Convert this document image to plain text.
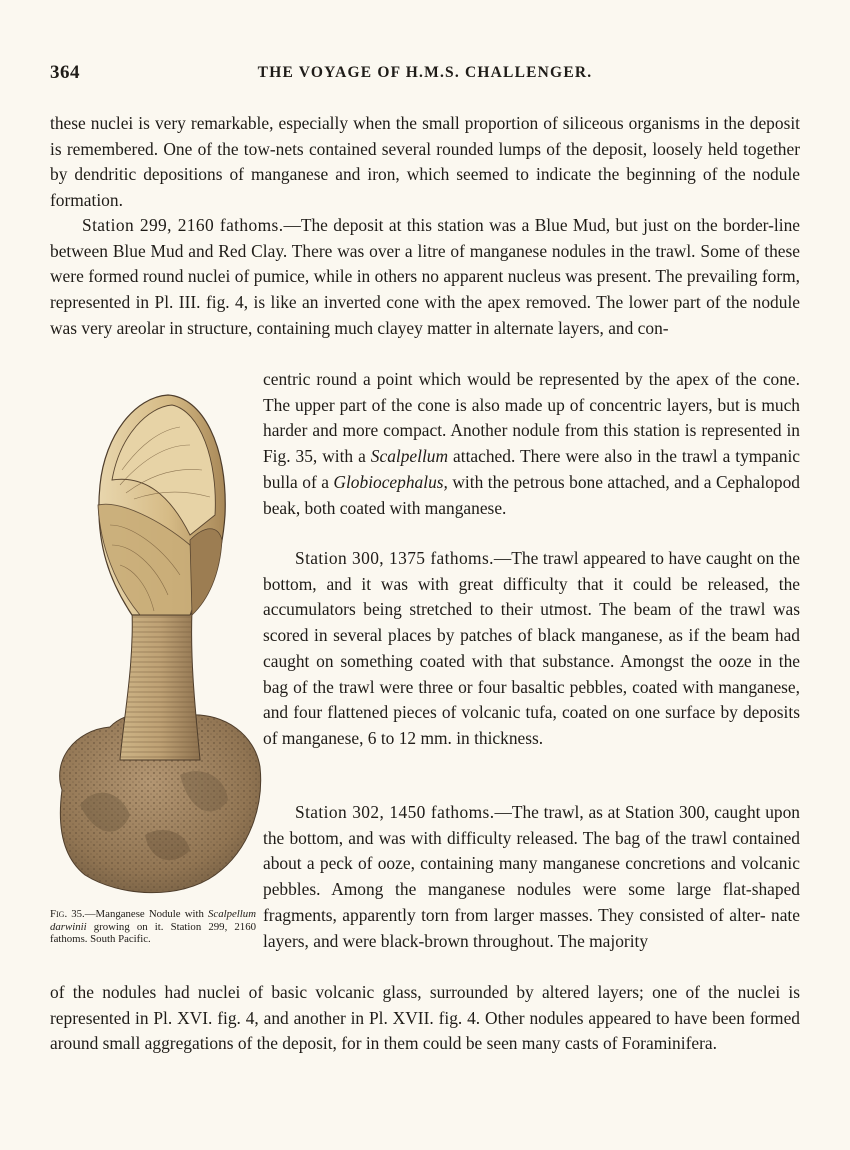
364	THE VOYAGE OF H.M.S. CHALLENGER.

these nuclei is very remarkable, especially when the small proportion of siliceous organisms in the deposit is remembered. One of the tow-nets contained several rounded lumps of the deposit, loosely held together by dendritic depositions of manganese and iron, which seemed to indicate the beginning of the nodule formation.

Station 299, 2160 fathoms.—The deposit at this station was a Blue Mud, but just on the border-line between Blue Mud and Red Clay. There was over a litre of manganese nodules in the trawl. Some of these were formed round nuclei of pumice, while in others no apparent nucleus was present. The prevailing form, represented in Pl. III. fig. 4, is like an inverted cone with the apex removed. The lower part of the nodule was very areolar in structure, containing much clayey matter in alternate layers, and con-

centric round a point which would be represented by the apex of the cone. The upper part of the cone is also made up of concentric layers, but is much harder and more compact. Another nodule from this station is represented in Fig. 35, with a Scalpellum attached. There were also in the trawl a tympanic bulla of a Globiocephalus, with the petrous bone attached, and a Cephalopod beak, both coated with manganese.

Station 300, 1375 fathoms.—The trawl appeared to have caught on the bottom, and it was with great difficulty that it could be released, the accumulators being stretched to their utmost. The beam of the trawl was scored in several places by patches of black manganese, as if the beam had caught on something coated with that substance. Amongst the ooze in the bag of the trawl were three or four basaltic pebbles, coated with manganese, and four flattened pieces of volcanic tufa, coated on one surface by deposits of manganese, 6 to 12 mm. in thickness.

Station 302, 1450 fathoms.—The trawl, as at Station 300, caught upon the bottom, and was with difficulty released. The bag of the trawl contained about a peck of ooze, containing many manganese concretions and volcanic pebbles. Among the manganese nodules were some large flat-shaped fragments, apparently torn from larger masses. They consisted of alter- nate layers, and were black-brown throughout. The majority

of the nodules had nuclei of basic volcanic glass, surrounded by altered layers; one of the nuclei is represented in Pl. XVI. fig. 4, and another in Pl. XVII. fig. 4. Other nodules appeared to have been formed around small aggregations of the deposit, for in them could be seen many casts of Foraminifera.

Fig. 35.—Manganese Nodule with Scalpellum darwinii growing on it. Station 299, 2160 fathoms. South Pacific.
